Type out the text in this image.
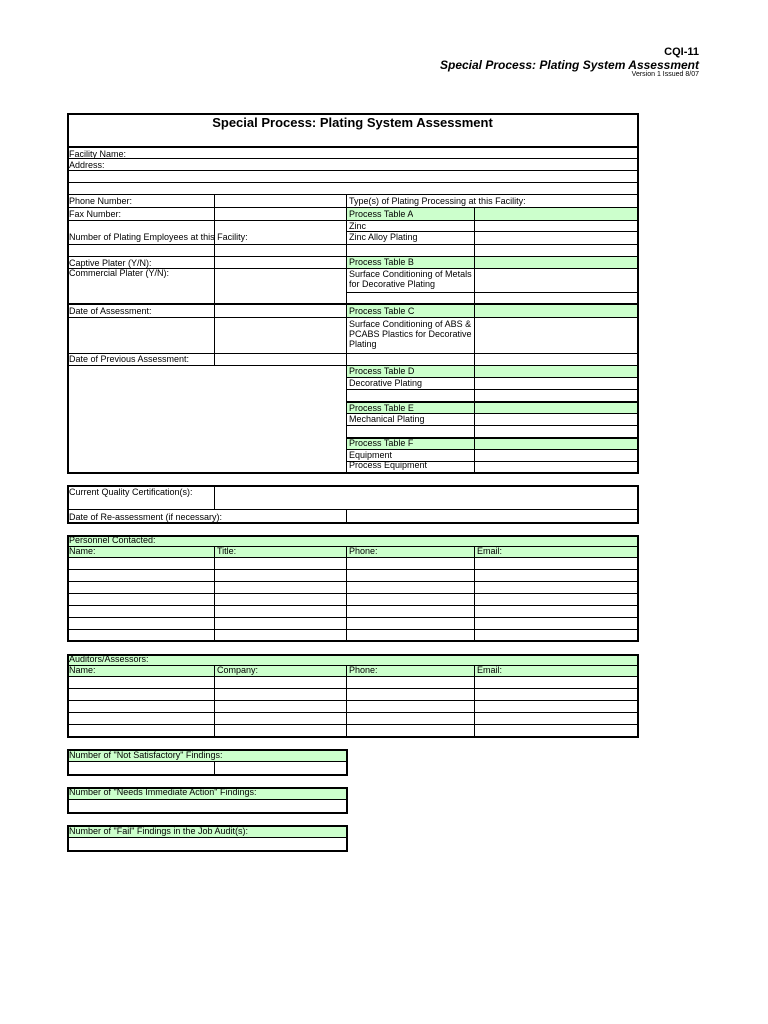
CQI-11
Special Process: Plating System Assessment
Version 1 Issued 8/07
Special Process: Plating System Assessment
Facility Name:
Address:
Phone Number:
Fax Number:
Number of Plating Employees at this Facility:
Captive Plater (Y/N):
Commercial Plater (Y/N):
Date of Assessment:
Date of Previous Assessment:
Type(s) of Plating Processing at this Facility:
Process Table A
Zinc
Zinc Alloy Plating
Process Table B
Surface Conditioning of Metals for Decorative Plating
Process Table C
Surface Conditioning of ABS & PCABS Plastics for Decorative Plating
Process Table D
Decorative Plating
Process Table E
Mechanical Plating
Process Table F
Equipment
Process Equipment
Current Quality Certification(s):
Date of Re-assessment (if necessary):
Personnel Contacted:
Name:	Title:	Phone:	Email:
Auditors/Assessors:
Name:	Company:	Phone:	Email:
Number of "Not Satisfactory" Findings:
Number of "Needs Immediate Action" Findings:
Number of "Fail" Findings in the Job Audit(s):
